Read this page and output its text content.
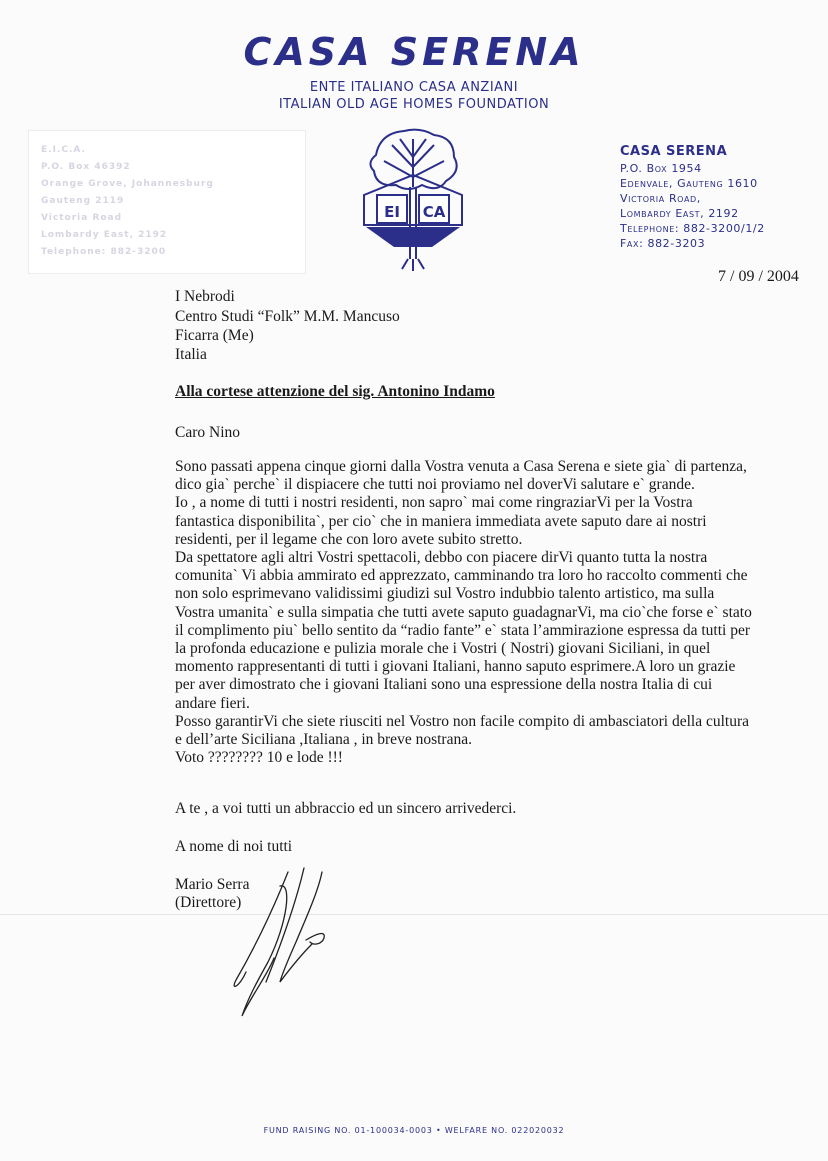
CASA SERENA
ENTE ITALIANO CASA ANZIANI
ITALIAN OLD AGE HOMES FOUNDATION
E.I.C.A.
P.O. Box 46392
Orange Grove, Johannesburg
Gauteng 2119
Victoria Road
Lombardy East, 2192
Telephone: 882-3200
EI CA
CASA SERENA
P.O. Box 1954
Edenvale, Gauteng 1610
Victoria Road,
Lombardy East, 2192
Telephone: 882-3200/1/2
Fax: 882-3203
7 / 09 / 2004
I Nebrodi
Centro Studi “Folk” M.M. Mancuso
Ficarra (Me)
Italia
Alla cortese attenzione del sig. Antonino Indamo
Caro Nino
Sono passati appena cinque giorni dalla Vostra venuta a Casa Serena e siete gia` di partenza,
dico gia` perche` il dispiacere che tutti noi proviamo nel doverVi salutare e` grande.
Io , a nome di tutti i nostri residenti, non sapro` mai come ringraziarVi per la Vostra
fantastica disponibilita`, per cio` che in maniera immediata avete saputo dare ai nostri
residenti, per il legame che con loro avete subito stretto.
Da spettatore agli altri Vostri spettacoli, debbo con piacere dirVi quanto tutta la nostra
comunita` Vi abbia ammirato ed apprezzato, camminando tra loro ho raccolto commenti che
non solo esprimevano validissimi giudizi sul Vostro indubbio talento artistico, ma sulla
Vostra umanita` e sulla simpatia che tutti avete saputo guadagnarVi, ma cio`che forse e` stato
il complimento piu` bello sentito da “radio fante” e` stata l’ammirazione espressa da tutti per
la profonda educazione e pulizia morale che i Vostri ( Nostri) giovani Siciliani, in quel
momento rappresentanti di tutti i giovani Italiani, hanno saputo esprimere.A loro un grazie
per aver dimostrato che i giovani Italiani sono una espressione della nostra Italia di cui
andare fieri.
Posso garantirVi che siete riusciti nel Vostro non facile compito di ambasciatori della cultura
e dell’arte Siciliana ,Italiana , in breve nostrana.
Voto ???????? 10 e lode !!!
A te , a voi tutti un abbraccio ed un sincero arrivederci.
A nome di noi tutti
Mario Serra
(Direttore)
FUND RAISING NO. 01-100034-0003 • WELFARE NO. 022020032
